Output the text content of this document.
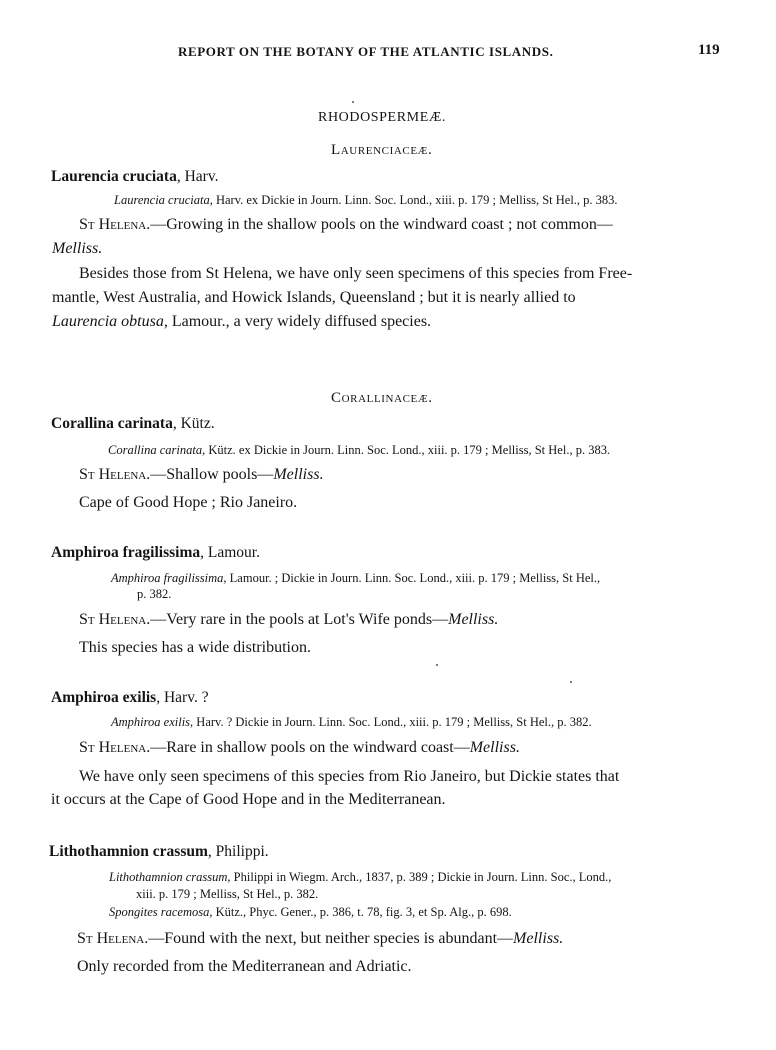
REPORT ON THE BOTANY OF THE ATLANTIC ISLANDS.	119
RHODOSPERMEÆ.
Laurenciaceæ.
Laurencia cruciata, Harv.
Laurencia cruciata, Harv. ex Dickie in Journ. Linn. Soc. Lond., xiii. p. 179 ; Melliss, St Hel., p. 383.
St Helena.—Growing in the shallow pools on the windward coast ; not common—
Melliss.
Besides those from St Helena, we have only seen specimens of this species from Free-
mantle, West Australia, and Howick Islands, Queensland ; but it is nearly allied to
Laurencia obtusa, Lamour., a very widely diffused species.
Corallinaceæ.
Corallina carinata, Kütz.
Corallina carinata, Kütz. ex Dickie in Journ. Linn. Soc. Lond., xiii. p. 179 ; Melliss, St Hel., p. 383.
St Helena.—Shallow pools—Melliss.
Cape of Good Hope ; Rio Janeiro.
Amphiroa fragilissima, Lamour.
Amphiroa fragilissima, Lamour. ; Dickie in Journ. Linn. Soc. Lond., xiii. p. 179 ; Melliss, St Hel.,
p. 382.
St Helena.—Very rare in the pools at Lot's Wife ponds—Melliss.
This species has a wide distribution.
Amphiroa exilis, Harv. ?
Amphiroa exilis, Harv. ? Dickie in Journ. Linn. Soc. Lond., xiii. p. 179 ; Melliss, St Hel., p. 382.
St Helena.—Rare in shallow pools on the windward coast—Melliss.
We have only seen specimens of this species from Rio Janeiro, but Dickie states that
it occurs at the Cape of Good Hope and in the Mediterranean.
Lithothamnion crassum, Philippi.
Lithothamnion crassum, Philippi in Wiegm. Arch., 1837, p. 389 ; Dickie in Journ. Linn. Soc., Lond.,
xiii. p. 179 ; Melliss, St Hel., p. 382.
Spongites racemosa, Kütz., Phyc. Gener., p. 386, t. 78, fig. 3, et Sp. Alg., p. 698.
St Helena.—Found with the next, but neither species is abundant—Melliss.
Only recorded from the Mediterranean and Adriatic.
